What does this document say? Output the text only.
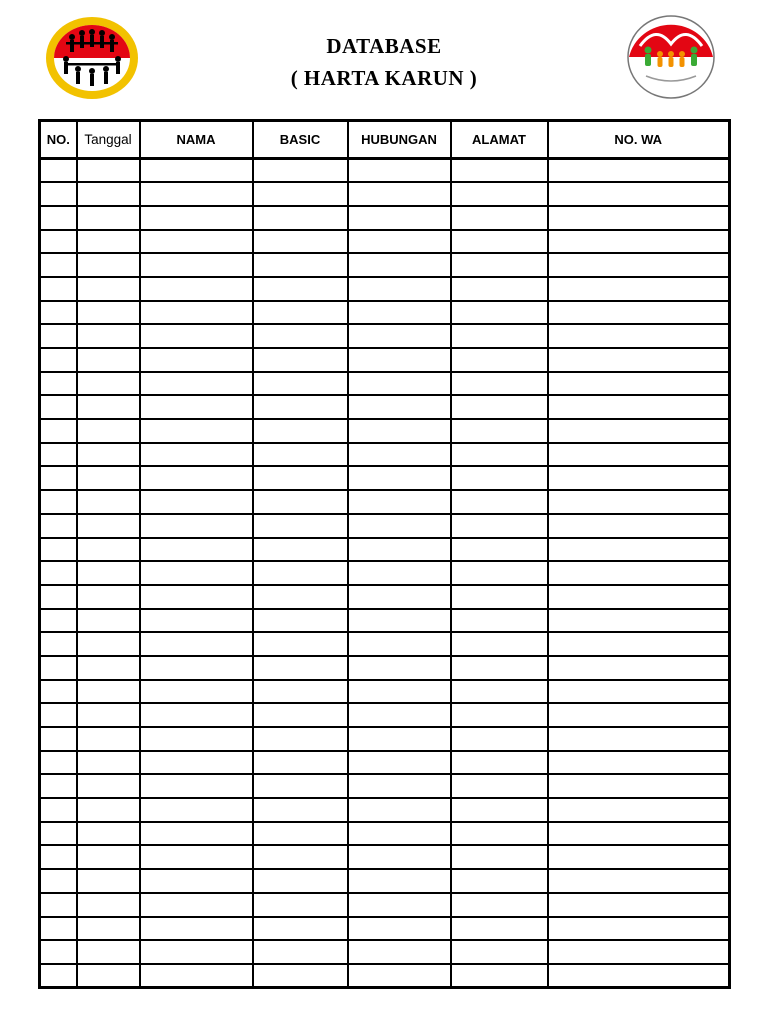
DATABASE
( HARTA KARUN )
NO.	Tanggal	NAMA	BASIC	HUBUNGAN	ALAMAT	NO. WA
